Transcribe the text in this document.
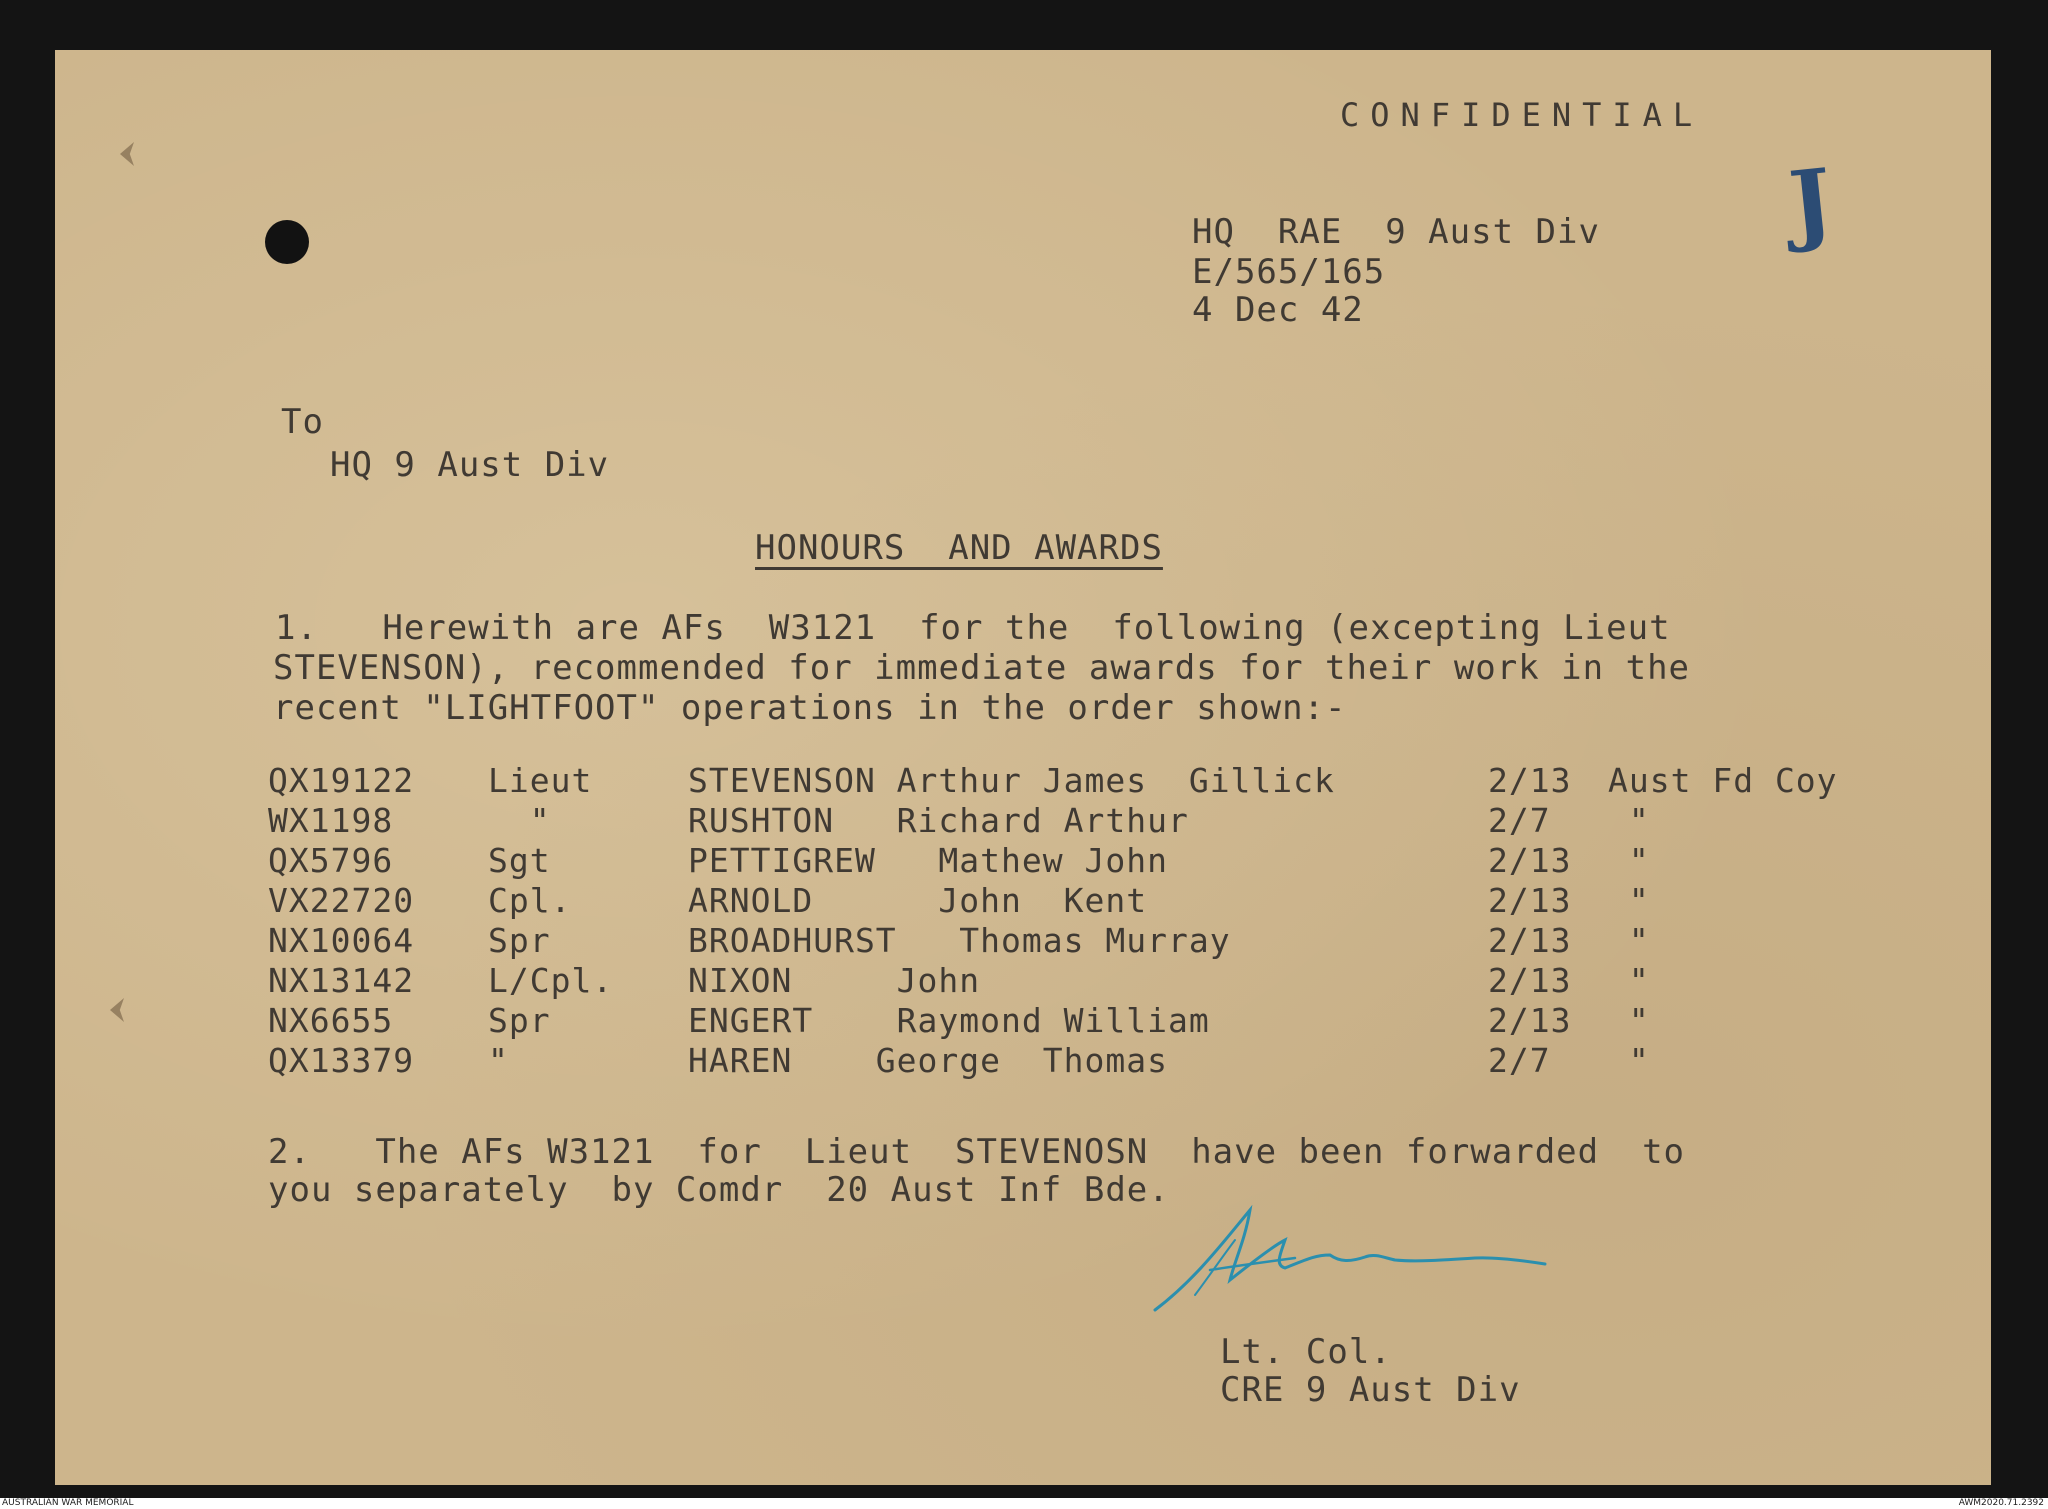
CONFIDENTIAL
J
HQ  RAE  9 Aust Div
E/565/165
4 Dec 42
To
HQ 9 Aust Div
HONOURS  AND AWARDS
1.   Herewith are AFs  W3121  for the  following (excepting Lieut
STEVENSON), recommended for immediate awards for their work in the
recent "LIGHTFOOT" operations in the order shown:-
QX19122	Lieut	STEVENSON Arthur James  Gillick	2/13	Aust Fd Coy
WX1198	"	RUSHTON   Richard Arthur	2/7	"
QX5796	Sgt	PETTIGREW   Mathew John	2/13	"
VX22720	Cpl.	ARNOLD      John  Kent	2/13	"
NX10064	Spr	BROADHURST   Thomas Murray	2/13	"
NX13142	L/Cpl.	NIXON     John	2/13	"
NX6655	Spr	ENGERT    Raymond William	2/13	"
QX13379	"	HAREN    George  Thomas	2/7	"
2.   The AFs W3121  for  Lieut  STEVENOSN  have been forwarded  to
you separately  by Comdr  20 Aust Inf Bde.
Lt. Col.
CRE 9 Aust Div
AUSTRALIAN WAR MEMORIAL	AWM2020.71.2392
